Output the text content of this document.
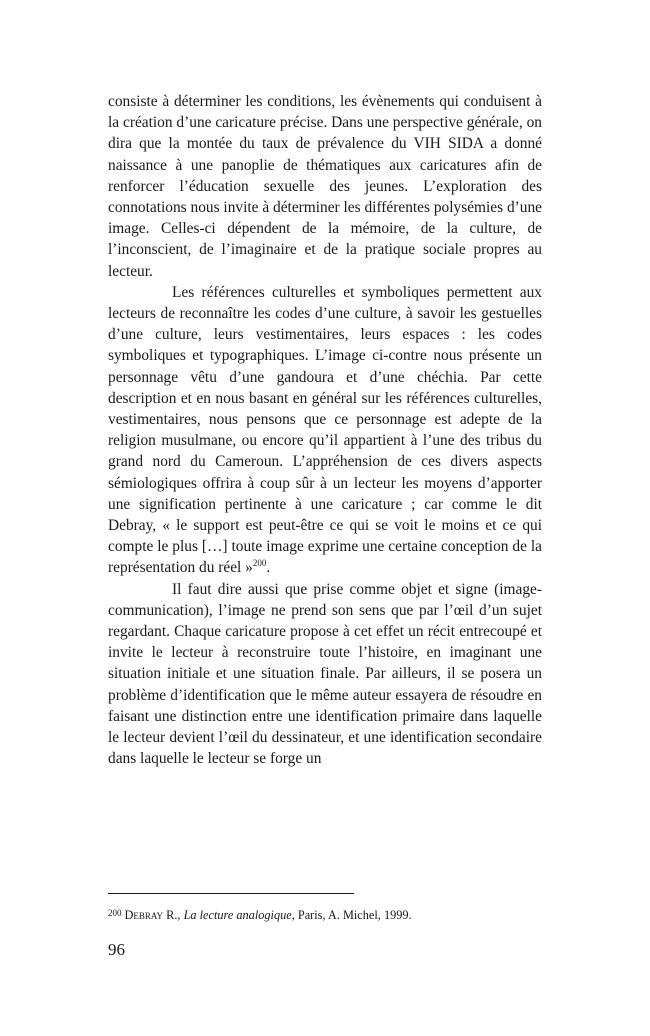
consiste à déterminer les conditions, les évènements qui conduisent à la création d’une caricature précise. Dans une perspective générale, on dira que la montée du taux de prévalence du VIH SIDA a donné naissance à une panoplie de thématiques aux caricatures afin de renforcer l’éducation sexuelle des jeunes. L’exploration des connotations nous invite à déterminer les différentes polysémies d’une image. Celles-ci dépendent de la mémoire, de la culture, de l’inconscient, de l’imaginaire et de la pratique sociale propres au lecteur.

Les références culturelles et symboliques permettent aux lecteurs de reconnaître les codes d’une culture, à savoir les gestuelles d’une culture, leurs vestimentaires, leurs espaces : les codes symboliques et typographiques. L’image ci-contre nous présente un personnage vêtu d’une gandoura et d’une chéchia. Par cette description et en nous basant en général sur les références culturelles, vestimentaires, nous pensons que ce personnage est adepte de la religion musulmane, ou encore qu’il appartient à l’une des tribus du grand nord du Cameroun. L’appréhension de ces divers aspects sémiologiques offrira à coup sûr à un lecteur les moyens d’apporter une signification pertinente à une caricature ; car comme le dit Debray, « le support est peut-être ce qui se voit le moins et ce qui compte le plus […] toute image exprime une certaine conception de la représentation du réel »$^{200}$.

Il faut dire aussi que prise comme objet et signe (image-communication), l’image ne prend son sens que par l’œil d’un sujet regardant. Chaque caricature propose à cet effet un récit entrecoupé et invite le lecteur à reconstruire toute l’histoire, en imaginant une situation initiale et une situation finale. Par ailleurs, il se posera un problème d’identification que le même auteur essayera de résoudre en faisant une distinction entre une identification primaire dans laquelle le lecteur devient l’œil du dessinateur, et une identification secondaire dans laquelle le lecteur se forge un

$^{200}$ Debray R., La lecture analogique, Paris, A. Michel, 1999.
96
